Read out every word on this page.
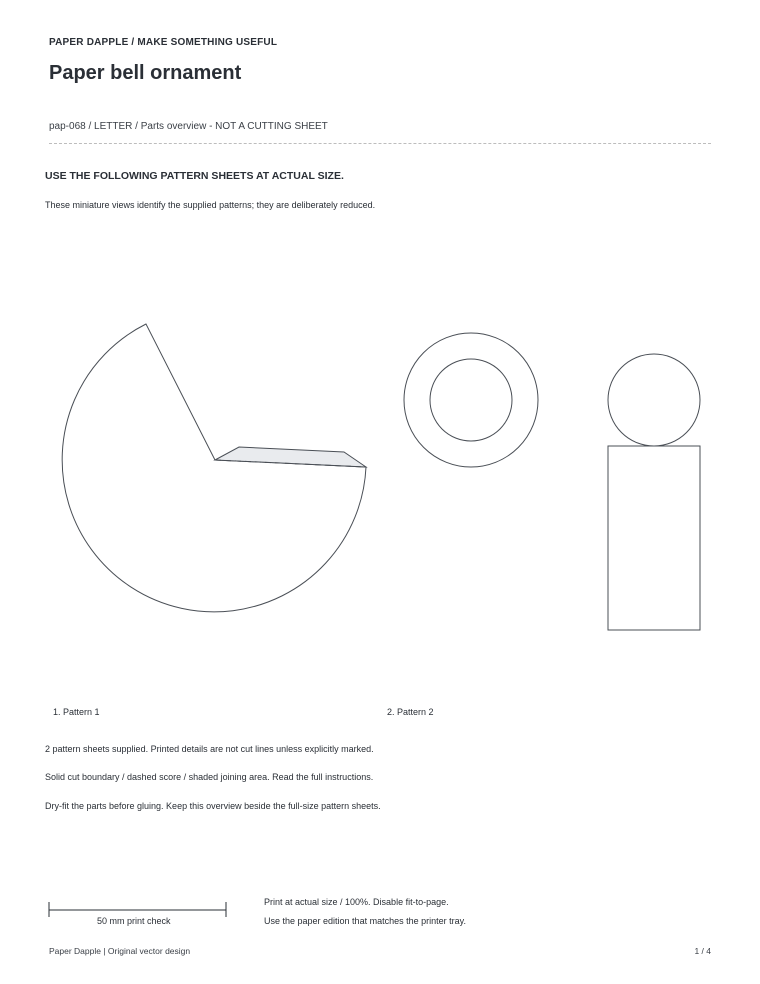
PAPER DAPPLE / MAKE SOMETHING USEFUL
Paper bell ornament
pap-068 / LETTER / Parts overview - NOT A CUTTING SHEET
USE THE FOLLOWING PATTERN SHEETS AT ACTUAL SIZE.
These miniature views identify the supplied patterns; they are deliberately reduced.
1. Pattern 1	2. Pattern 2
2 pattern sheets supplied. Printed details are not cut lines unless explicitly marked.
Solid cut boundary / dashed score / shaded joining area. Read the full instructions.
Dry-fit the parts before gluing. Keep this overview beside the full-size pattern sheets.
50 mm print check
Print at actual size / 100%. Disable fit-to-page.
Use the paper edition that matches the printer tray.
Paper Dapple | Original vector design	1 / 4
